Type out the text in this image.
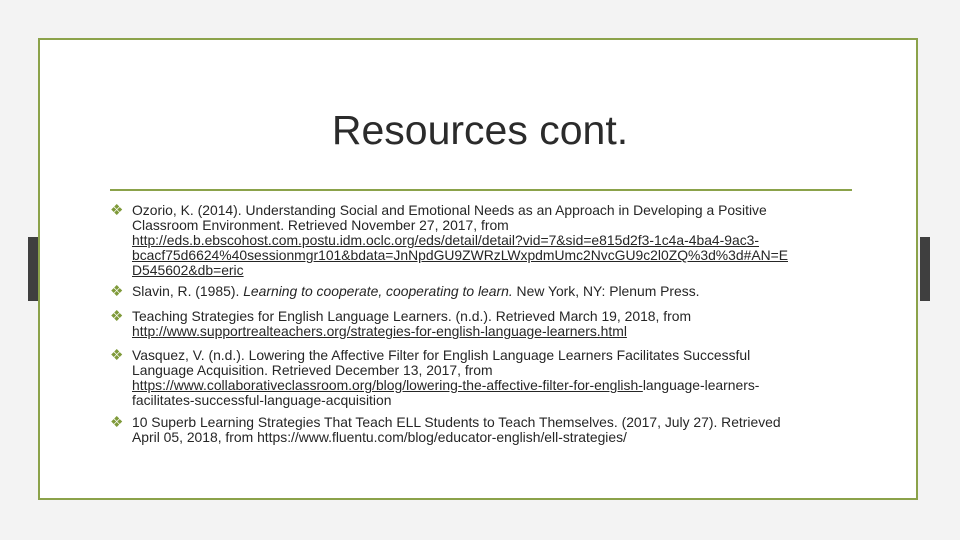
Resources cont.
❖ Ozorio, K. (2014). Understanding Social and Emotional Needs as an Approach in Developing a Positive
Classroom Environment. Retrieved November 27, 2017, from
http://eds.b.ebscohost.com.postu.idm.oclc.org/eds/detail/detail?vid=7&sid=e815d2f3-1c4a-4ba4-9ac3-
bcacf75d6624%40sessionmgr101&bdata=JnNpdGU9ZWRzLWxpdmUmc2NvcGU9c2l0ZQ%3d%3d#AN=E
D545602&db=eric
❖ Slavin, R. (1985). Learning to cooperate, cooperating to learn. New York, NY: Plenum Press.
❖ Teaching Strategies for English Language Learners. (n.d.). Retrieved March 19, 2018, from
http://www.supportrealteachers.org/strategies-for-english-language-learners.html
❖ Vasquez, V. (n.d.). Lowering the Affective Filter for English Language Learners Facilitates Successful
Language Acquisition. Retrieved December 13, 2017, from
https://www.collaborativeclassroom.org/blog/lowering-the-affective-filter-for-english-language-learners-
facilitates-successful-language-acquisition
❖ 10 Superb Learning Strategies That Teach ELL Students to Teach Themselves. (2017, July 27). Retrieved
April 05, 2018, from https://www.fluentu.com/blog/educator-english/ell-strategies/
